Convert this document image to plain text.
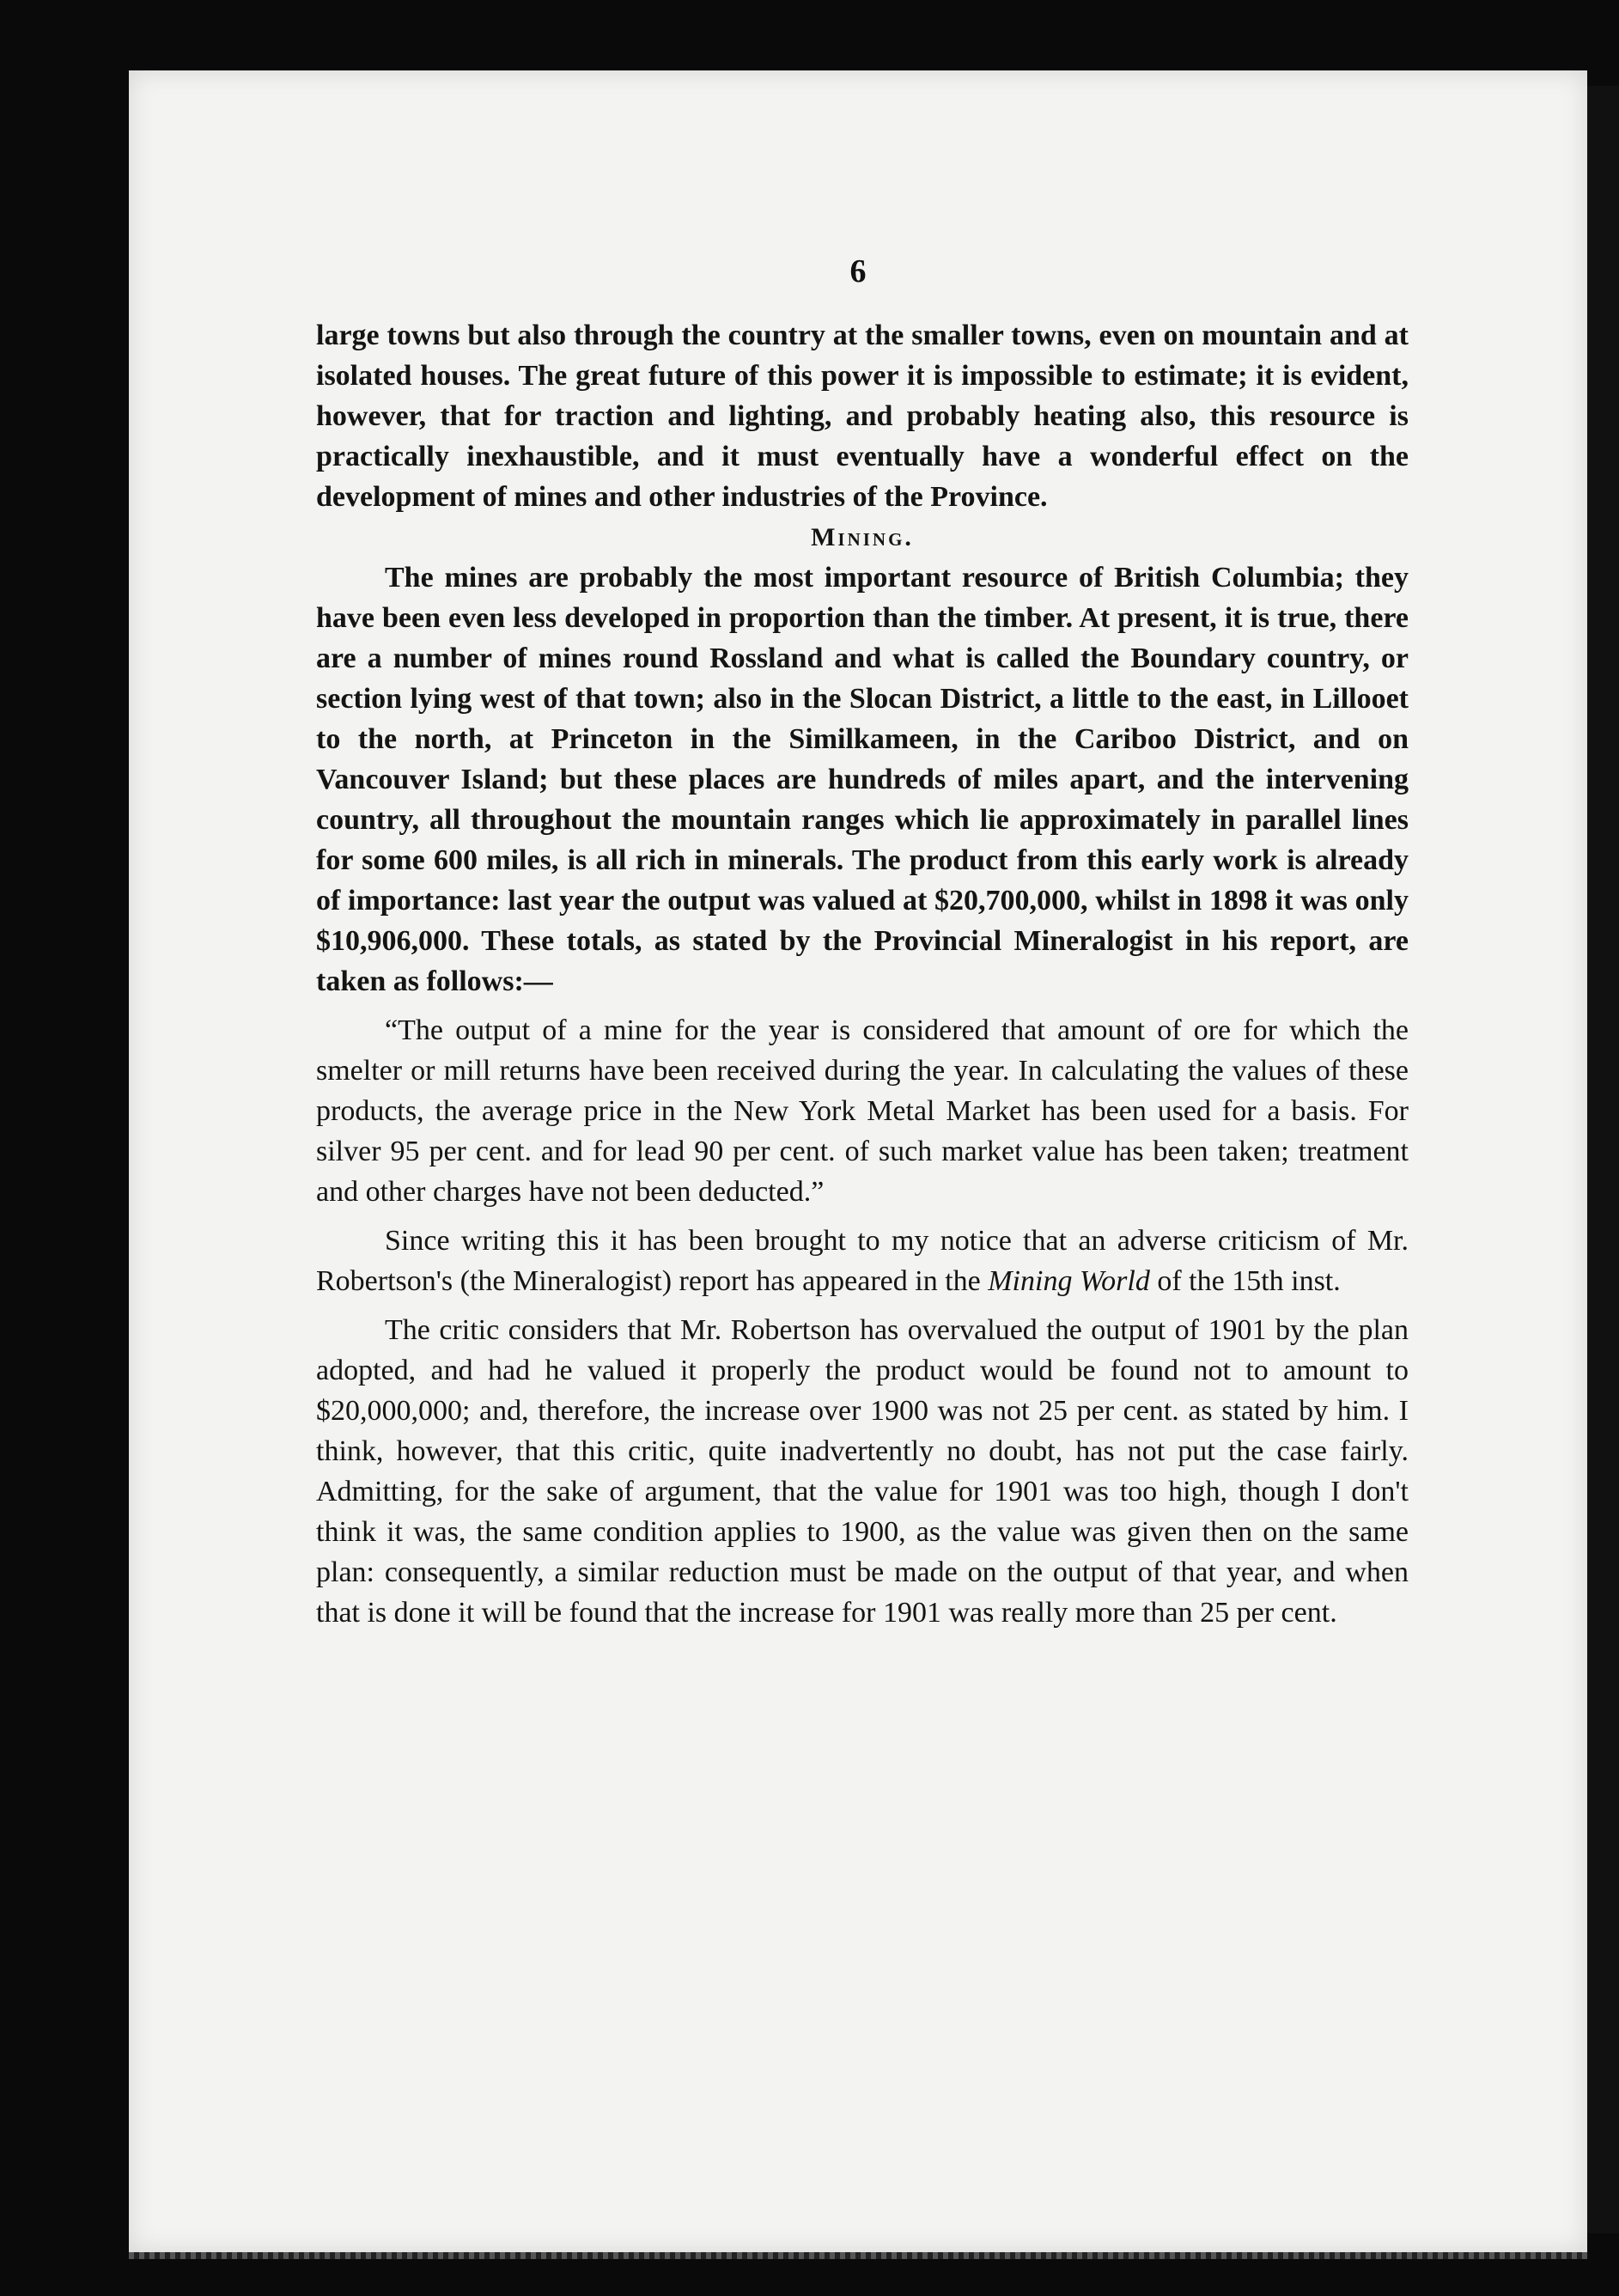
6

large towns but also through the country at the smaller towns, even on mountain and at isolated houses. The great future of this power it is impossible to estimate; it is evident, however, that for traction and lighting, and probably heating also, this resource is practically inexhaustible, and it must eventually have a wonderful effect on the development of mines and other industries of the Province.

Mining.

The mines are probably the most important resource of British Columbia; they have been even less developed in proportion than the timber. At present, it is true, there are a number of mines round Rossland and what is called the Boundary country, or section lying west of that town; also in the Slocan District, a little to the east, in Lillooet to the north, at Princeton in the Similkameen, in the Cariboo District, and on Vancouver Island; but these places are hundreds of miles apart, and the intervening country, all throughout the mountain ranges which lie approximately in parallel lines for some 600 miles, is all rich in minerals. The product from this early work is already of importance: last year the output was valued at $20,700,000, whilst in 1898 it was only $10,906,000. These totals, as stated by the Provincial Mineralogist in his report, are taken as follows:—

“The output of a mine for the year is considered that amount of ore for which the smelter or mill returns have been received during the year. In calculating the values of these products, the average price in the New York Metal Market has been used for a basis. For silver 95 per cent. and for lead 90 per cent. of such market value has been taken; treatment and other charges have not been deducted.”

Since writing this it has been brought to my notice that an adverse criticism of Mr. Robertson's (the Mineralogist) report has appeared in the Mining World of the 15th inst.

The critic considers that Mr. Robertson has overvalued the output of 1901 by the plan adopted, and had he valued it properly the product would be found not to amount to $20,000,000; and, therefore, the increase over 1900 was not 25 per cent. as stated by him. I think, however, that this critic, quite inadvertently no doubt, has not put the case fairly. Admitting, for the sake of argument, that the value for 1901 was too high, though I don't think it was, the same condition applies to 1900, as the value was given then on the same plan: consequently, a similar reduction must be made on the output of that year, and when that is done it will be found that the increase for 1901 was really more than 25 per cent.
